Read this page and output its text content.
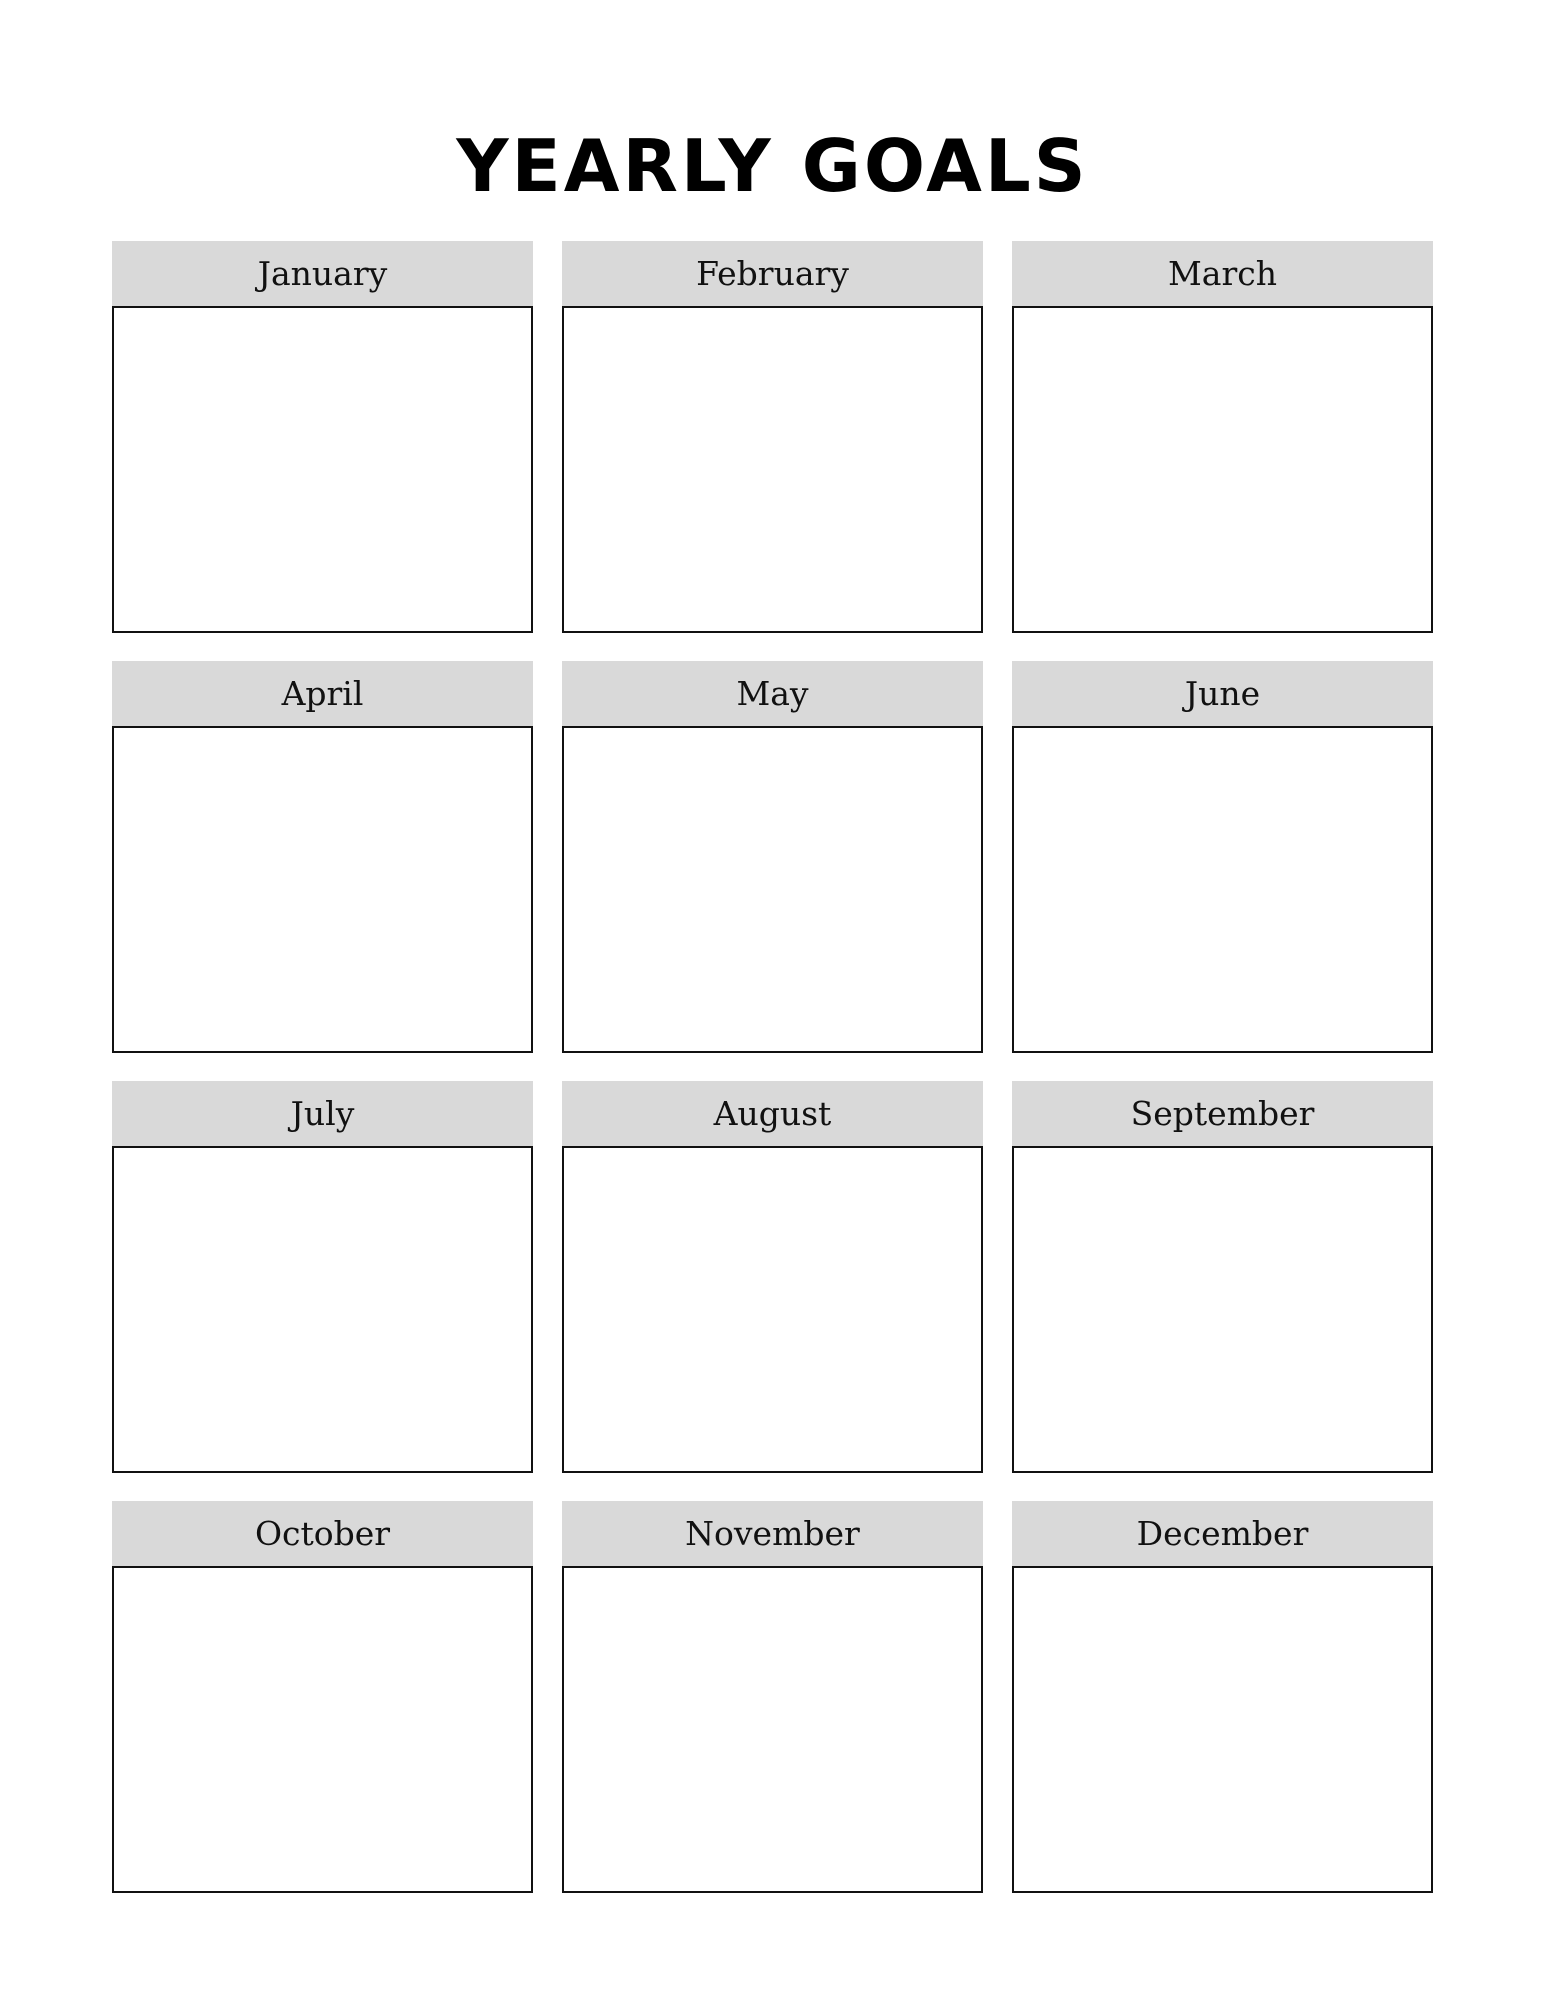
YEARLY GOALS
January	February	March
April	May	June
July	August	September
October	November	December
